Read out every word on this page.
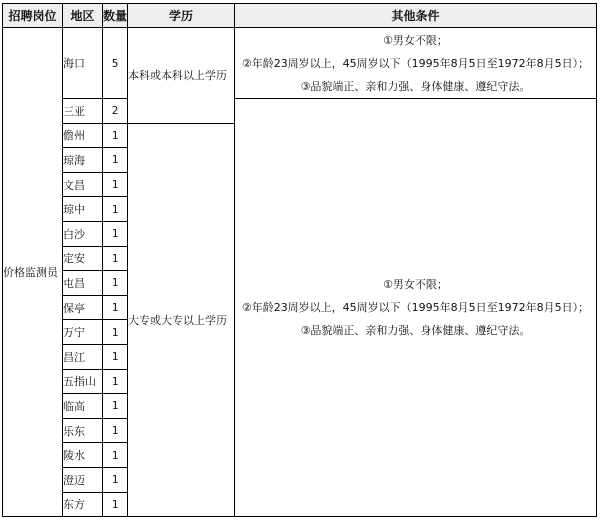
招聘岗位	地区	数量	学历	其他条件
价格监测员	海口	5	本科或本科以上学历	①男女不限；
②年龄23周岁以上，45周岁以下（1995年8月5日至1972年8月5日）；
③品貌端正、亲和力强、身体健康、遵纪守法。

	三亚	2		①男女不限；
②年龄23周岁以上，45周岁以下（1995年8月5日至1972年8月5日）；
③品貌端正、亲和力强、身体健康、遵纪守法。

	儋州	1	大专或大专以上学历	
	琼海	1		
	文昌	1		
	琼中	1		
	白沙	1		
	定安	1		
	屯昌	1		
	保亭	1		
	万宁	1		
	昌江	1		
	五指山	1		
	临高	1		
	乐东	1		
	陵水	1		
	澄迈	1		
	东方	1		
